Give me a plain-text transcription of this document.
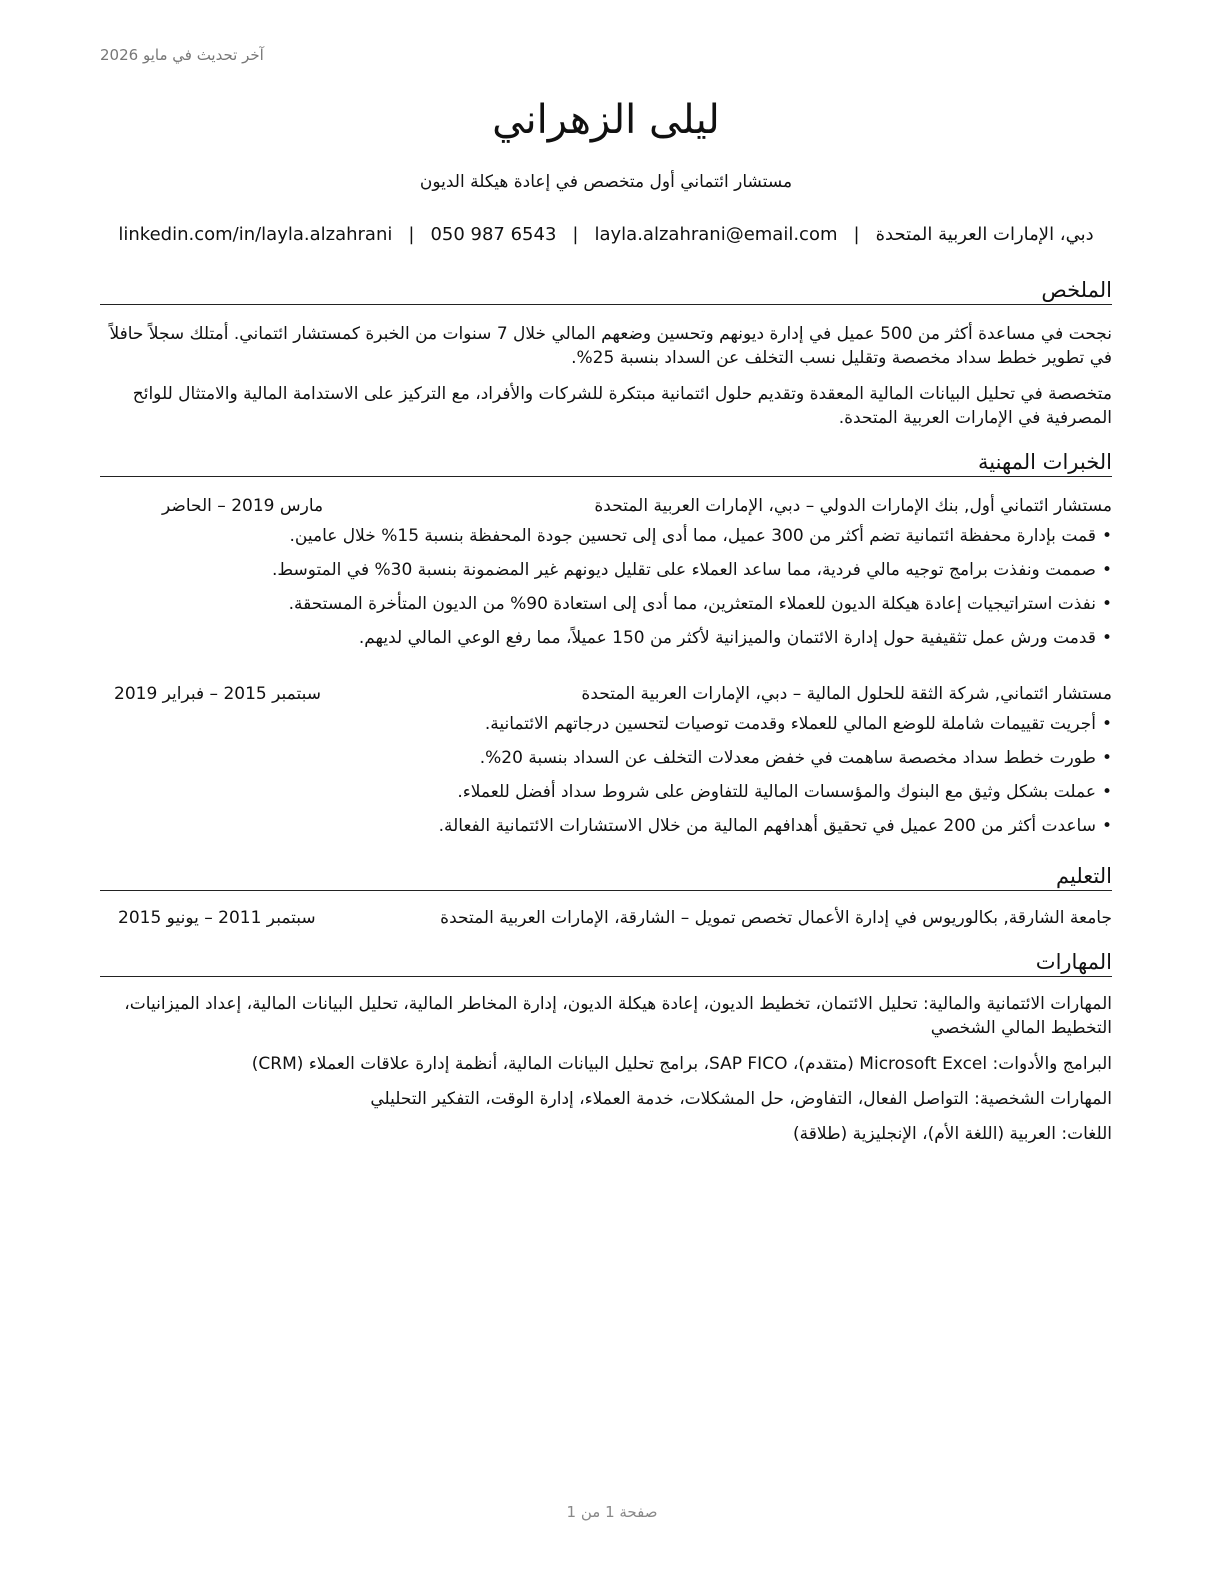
آخر تحديث في مايو 2026
ليلى الزهراني
مستشار ائتماني أول متخصص في إعادة هيكلة الديون
دبي، الإمارات العربية المتحدة
|
layla.alzahrani@email.com
|
050 987 6543
|
linkedin.com/in/layla.alzahrani
الملخص
نجحت في مساعدة أكثر من 500 عميل في إدارة ديونهم وتحسين وضعهم المالي خلال 7 سنوات من الخبرة كمستشار ائتماني. أمتلك سجلاً حافلاً في تطوير خطط سداد مخصصة وتقليل نسب التخلف عن السداد بنسبة 25%.
متخصصة في تحليل البيانات المالية المعقدة وتقديم حلول ائتمانية مبتكرة للشركات والأفراد، مع التركيز على الاستدامة المالية والامتثال للوائح المصرفية في الإمارات العربية المتحدة.
الخبرات المهنية
مستشار ائتماني أول, بنك الإمارات الدولي – دبي، الإمارات العربية المتحدة
مارس 2019 – الحاضر
•قمت بإدارة محفظة ائتمانية تضم أكثر من 300 عميل، مما أدى إلى تحسين جودة المحفظة بنسبة 15% خلال عامين.
•صممت ونفذت برامج توجيه مالي فردية، مما ساعد العملاء على تقليل ديونهم غير المضمونة بنسبة 30% في المتوسط.
•نفذت استراتيجيات إعادة هيكلة الديون للعملاء المتعثرين، مما أدى إلى استعادة 90% من الديون المتأخرة المستحقة.
•قدمت ورش عمل تثقيفية حول إدارة الائتمان والميزانية لأكثر من 150 عميلاً، مما رفع الوعي المالي لديهم.
مستشار ائتماني, شركة الثقة للحلول المالية – دبي، الإمارات العربية المتحدة
سبتمبر 2015 – فبراير 2019
•أجريت تقييمات شاملة للوضع المالي للعملاء وقدمت توصيات لتحسين درجاتهم الائتمانية.
•طورت خطط سداد مخصصة ساهمت في خفض معدلات التخلف عن السداد بنسبة 20%.
•عملت بشكل وثيق مع البنوك والمؤسسات المالية للتفاوض على شروط سداد أفضل للعملاء.
•ساعدت أكثر من 200 عميل في تحقيق أهدافهم المالية من خلال الاستشارات الائتمانية الفعالة.
التعليم
جامعة الشارقة, بكالوريوس في إدارة الأعمال تخصص تمويل – الشارقة، الإمارات العربية المتحدة
سبتمبر 2011 – يونيو 2015
المهارات
المهارات الائتمانية والمالية: تحليل الائتمان، تخطيط الديون، إعادة هيكلة الديون، إدارة المخاطر المالية، تحليل البيانات المالية، إعداد الميزانيات، التخطيط المالي الشخصي
البرامج والأدوات: Microsoft Excel (متقدم)، SAP FICO، برامج تحليل البيانات المالية، أنظمة إدارة علاقات العملاء (CRM)
المهارات الشخصية: التواصل الفعال، التفاوض، حل المشكلات، خدمة العملاء، إدارة الوقت، التفكير التحليلي
اللغات: العربية (اللغة الأم)، الإنجليزية (طلاقة)
صفحة 1 من 1
